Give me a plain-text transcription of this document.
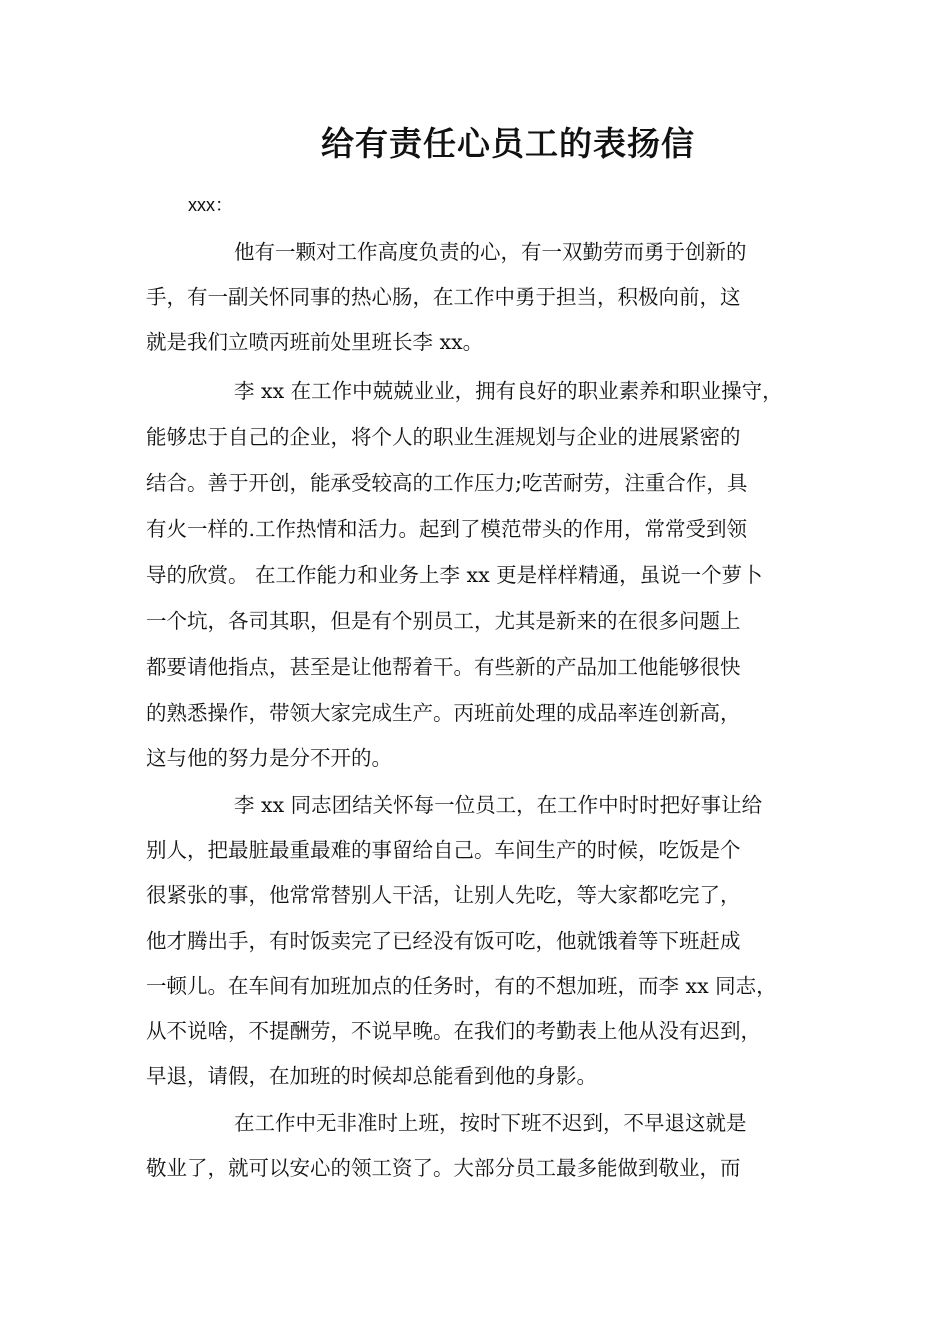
给有责任心员工的表扬信

xxx：

他有一颗对工作高度负责的心，有一双勤劳而勇于创新的

手，有一副关怀同事的热心肠，在工作中勇于担当，积极向前，这

就是我们立喷丙班前处里班长李 xx。

李 xx 在工作中兢兢业业，拥有良好的职业素养和职业操守，

能够忠于自己的企业，将个人的职业生涯规划与企业的进展紧密的

结合。善于开创，能承受较高的工作压力;吃苦耐劳，注重合作，具

有火一样的.工作热情和活力。起到了模范带头的作用，常常受到领

导的欣赏。 在工作能力和业务上李 xx 更是样样精通，虽说一个萝卜

一个坑，各司其职，但是有个别员工，尤其是新来的在很多问题上

都要请他指点，甚至是让他帮着干。有些新的产品加工他能够很快

的熟悉操作，带领大家完成生产。丙班前处理的成品率连创新高，

这与他的努力是分不开的。

李 xx 同志团结关怀每一位员工，在工作中时时把好事让给

别人，把最脏最重最难的事留给自己。车间生产的时候，吃饭是个

很紧张的事，他常常替别人干活，让别人先吃，等大家都吃完了，

他才腾出手，有时饭卖完了已经没有饭可吃，他就饿着等下班赶成

一顿儿。在车间有加班加点的任务时，有的不想加班，而李 xx 同志，

从不说啥，不提酬劳，不说早晚。在我们的考勤表上他从没有迟到，

早退，请假，在加班的时候却总能看到他的身影。

在工作中无非准时上班，按时下班不迟到，不早退这就是

敬业了，就可以安心的领工资了。大部分员工最多能做到敬业，而
